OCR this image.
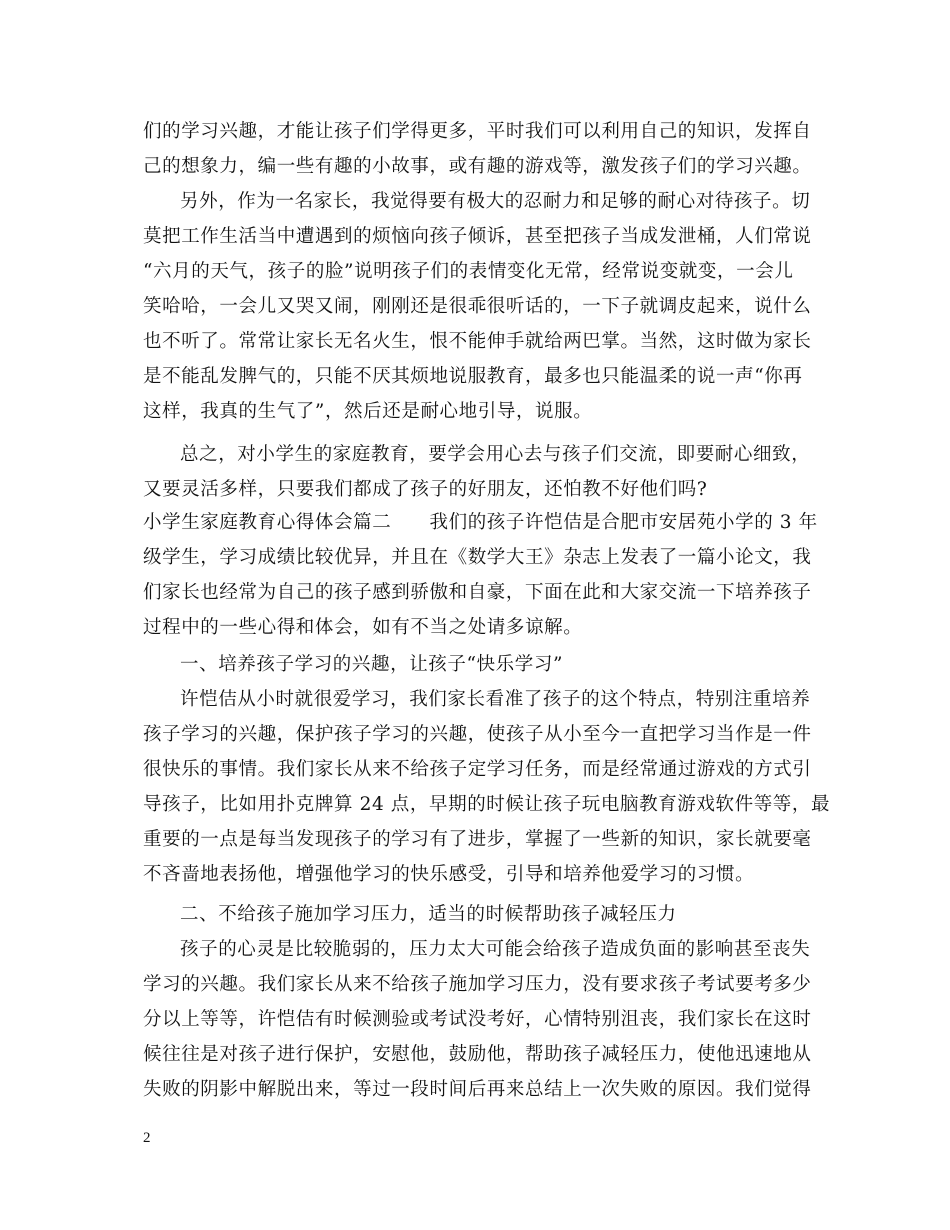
们的学习兴趣，才能让孩子们学得更多，平时我们可以利用自己的知识，发挥自
己的想象力，编一些有趣的小故事，或有趣的游戏等，激发孩子们的学习兴趣。
另外，作为一名家长，我觉得要有极大的忍耐力和足够的耐心对待孩子。切
莫把工作生活当中遭遇到的烦恼向孩子倾诉，甚至把孩子当成发泄桶，人们常说
“六月的天气，孩子的脸”说明孩子们的表情变化无常，经常说变就变，一会儿
笑哈哈，一会儿又哭又闹，刚刚还是很乖很听话的，一下子就调皮起来，说什么
也不听了。常常让家长无名火生，恨不能伸手就给两巴掌。当然，这时做为家长
是不能乱发脾气的，只能不厌其烦地说服教育，最多也只能温柔的说一声“你再
这样，我真的生气了”，然后还是耐心地引导，说服。
总之，对小学生的家庭教育，要学会用心去与孩子们交流，即要耐心细致，
又要灵活多样，只要我们都成了孩子的好朋友，还怕教不好他们吗?
小学生家庭教育心得体会篇二　　我们的孩子许恺佶是合肥市安居苑小学的 3 年
级学生，学习成绩比较优异，并且在《数学大王》杂志上发表了一篇小论文，我
们家长也经常为自己的孩子感到骄傲和自豪，下面在此和大家交流一下培养孩子
过程中的一些心得和体会，如有不当之处请多谅解。
一、培养孩子学习的兴趣，让孩子“快乐学习”
许恺佶从小时就很爱学习，我们家长看准了孩子的这个特点，特别注重培养
孩子学习的兴趣，保护孩子学习的兴趣，使孩子从小至今一直把学习当作是一件
很快乐的事情。我们家长从来不给孩子定学习任务，而是经常通过游戏的方式引
导孩子，比如用扑克牌算 24 点，早期的时候让孩子玩电脑教育游戏软件等等，最
重要的一点是每当发现孩子的学习有了进步，掌握了一些新的知识，家长就要毫
不吝啬地表扬他，增强他学习的快乐感受，引导和培养他爱学习的习惯。
二、不给孩子施加学习压力，适当的时候帮助孩子减轻压力
孩子的心灵是比较脆弱的，压力太大可能会给孩子造成负面的影响甚至丧失
学习的兴趣。我们家长从来不给孩子施加学习压力，没有要求孩子考试要考多少
分以上等等，许恺佶有时候测验或考试没考好，心情特别沮丧，我们家长在这时
候往往是对孩子进行保护，安慰他，鼓励他，帮助孩子减轻压力，使他迅速地从
失败的阴影中解脱出来，等过一段时间后再来总结上一次失败的原因。我们觉得
2
